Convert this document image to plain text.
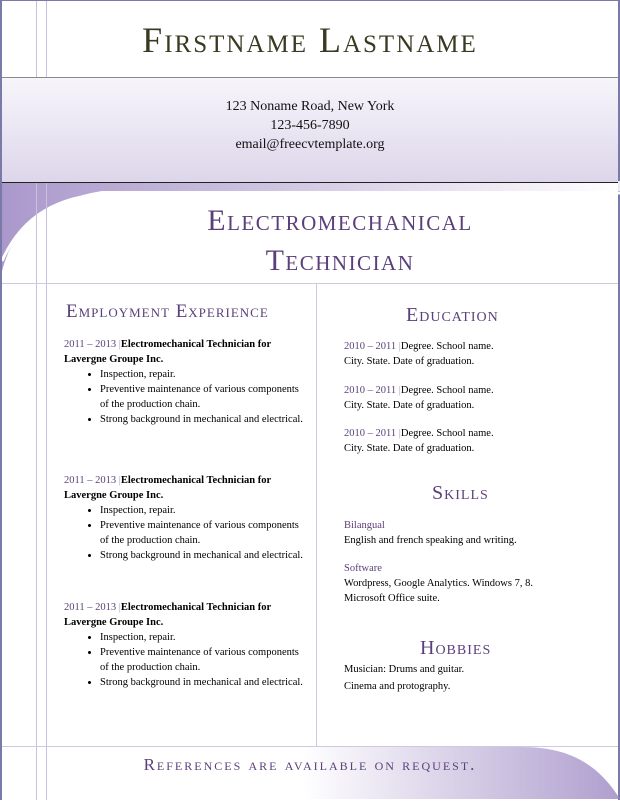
Firstname Lastname
123 Noname Road, New York
123-456-7890
email@freecvtemplate.org
Electromechanical
Technician
Employment Experience
2011 – 2013 |Electromechanical Technician for Lavergne Groupe Inc.
• Inspection, repair.
• Preventive maintenance of various components of the production chain.
• Strong background in mechanical and electrical.
2011 – 2013 |Electromechanical Technician for Lavergne Groupe Inc.
• Inspection, repair.
• Preventive maintenance of various components of the production chain.
• Strong background in mechanical and electrical.
2011 – 2013 |Electromechanical Technician for Lavergne Groupe Inc.
• Inspection, repair.
• Preventive maintenance of various components of the production chain.
• Strong background in mechanical and electrical.
Education
2010 – 2011 |Degree. School name.
City. State. Date of graduation.
2010 – 2011 |Degree. School name.
City. State. Date of graduation.
2010 – 2011 |Degree. School name.
City. State. Date of graduation.
Skills
Bilangual
English and french speaking and writing.
Software
Wordpress, Google Analytics. Windows 7, 8. Microsoft Office suite.
Hobbies
Musician: Drums and guitar.
Cinema and protography.
References are available on request.
